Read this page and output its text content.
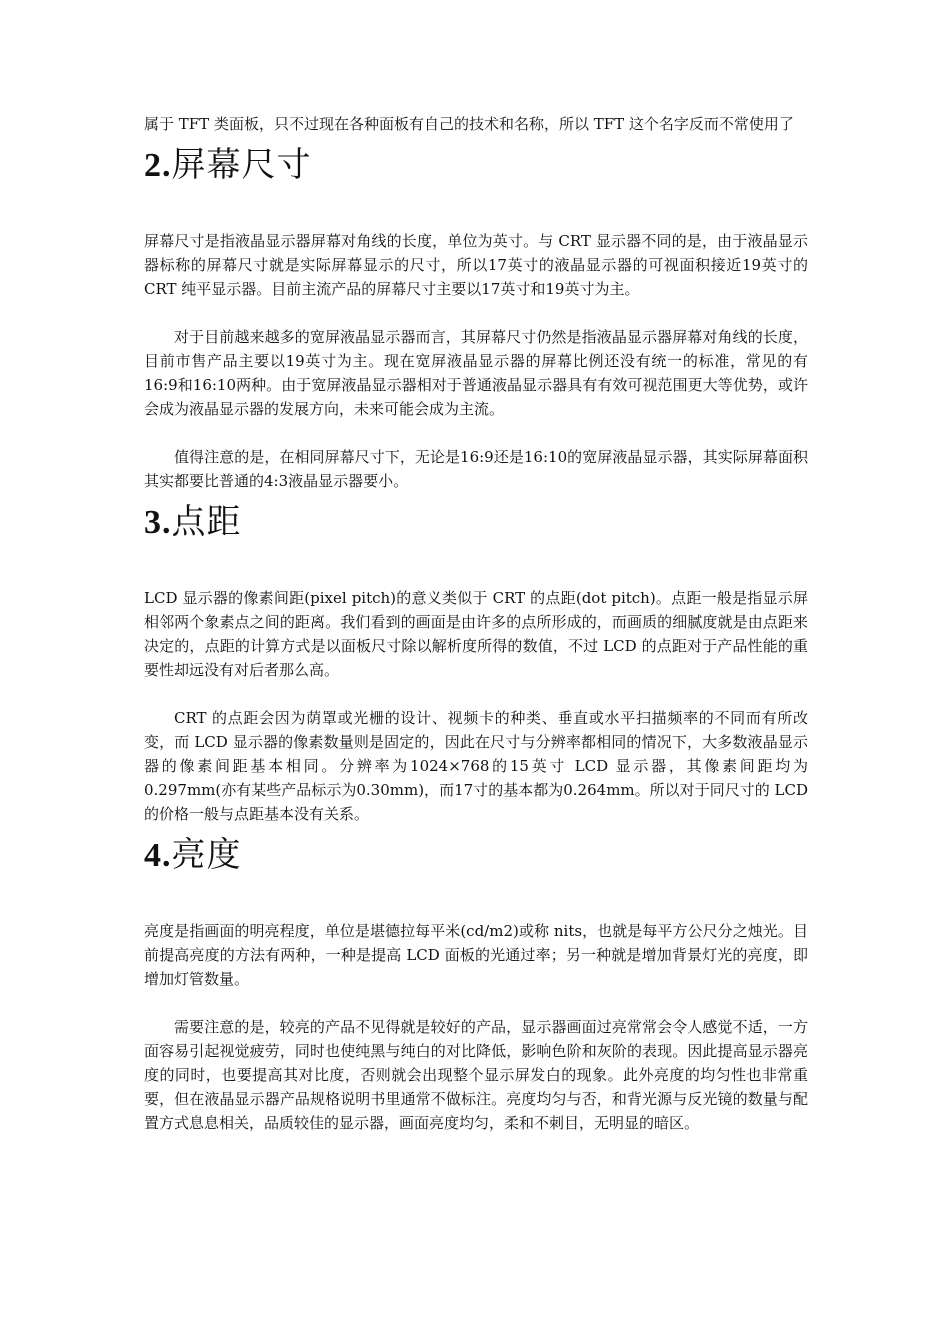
属于 TFT 类面板，只不过现在各种面板有自己的技术和名称，所以 TFT 这个名字反而不常使用了

2.屏幕尺寸

屏幕尺寸是指液晶显示器屏幕对角线的长度，单位为英寸。与 CRT 显示器不同的是，由于液晶显示器标称的屏幕尺寸就是实际屏幕显示的尺寸，所以17英寸的液晶显示器的可视面积接近19英寸的 CRT 纯平显示器。目前主流产品的屏幕尺寸主要以17英寸和19英寸为主。

对于目前越来越多的宽屏液晶显示器而言，其屏幕尺寸仍然是指液晶显示器屏幕对角线的长度，目前市售产品主要以19英寸为主。现在宽屏液晶显示器的屏幕比例还没有统一的标准，常见的有16:9和16:10两种。由于宽屏液晶显示器相对于普通液晶显示器具有有效可视范围更大等优势，或许会成为液晶显示器的发展方向，未来可能会成为主流。

值得注意的是，在相同屏幕尺寸下，无论是16:9还是16:10的宽屏液晶显示器，其实际屏幕面积其实都要比普通的4:3液晶显示器要小。

3.点距

LCD 显示器的像素间距(pixel pitch)的意义类似于 CRT 的点距(dot pitch)。点距一般是指显示屏相邻两个象素点之间的距离。我们看到的画面是由许多的点所形成的，而画质的细腻度就是由点距来决定的，点距的计算方式是以面板尺寸除以解析度所得的数值，不过 LCD 的点距对于产品性能的重要性却远没有对后者那么高。

CRT 的点距会因为荫罩或光栅的设计、视频卡的种类、垂直或水平扫描频率的不同而有所改变，而 LCD 显示器的像素数量则是固定的，因此在尺寸与分辨率都相同的情况下，大多数液晶显示器的像素间距基本相同。分辨率为1024×768的15英寸 LCD 显示器，其像素间距均为0.297mm(亦有某些产品标示为0.30mm)，而17寸的基本都为0.264mm。所以对于同尺寸的 LCD 的价格一般与点距基本没有关系。

4.亮度

亮度是指画面的明亮程度，单位是堪德拉每平米(cd/m2)或称 nits，也就是每平方公尺分之烛光。目前提高亮度的方法有两种，一种是提高 LCD 面板的光通过率；另一种就是增加背景灯光的亮度，即增加灯管数量。

需要注意的是，较亮的产品不见得就是较好的产品，显示器画面过亮常常会令人感觉不适，一方面容易引起视觉疲劳，同时也使纯黑与纯白的对比降低，影响色阶和灰阶的表现。因此提高显示器亮度的同时，也要提高其对比度，否则就会出现整个显示屏发白的现象。此外亮度的均匀性也非常重要，但在液晶显示器产品规格说明书里通常不做标注。亮度均匀与否，和背光源与反光镜的数量与配置方式息息相关，品质较佳的显示器，画面亮度均匀，柔和不刺目，无明显的暗区。
